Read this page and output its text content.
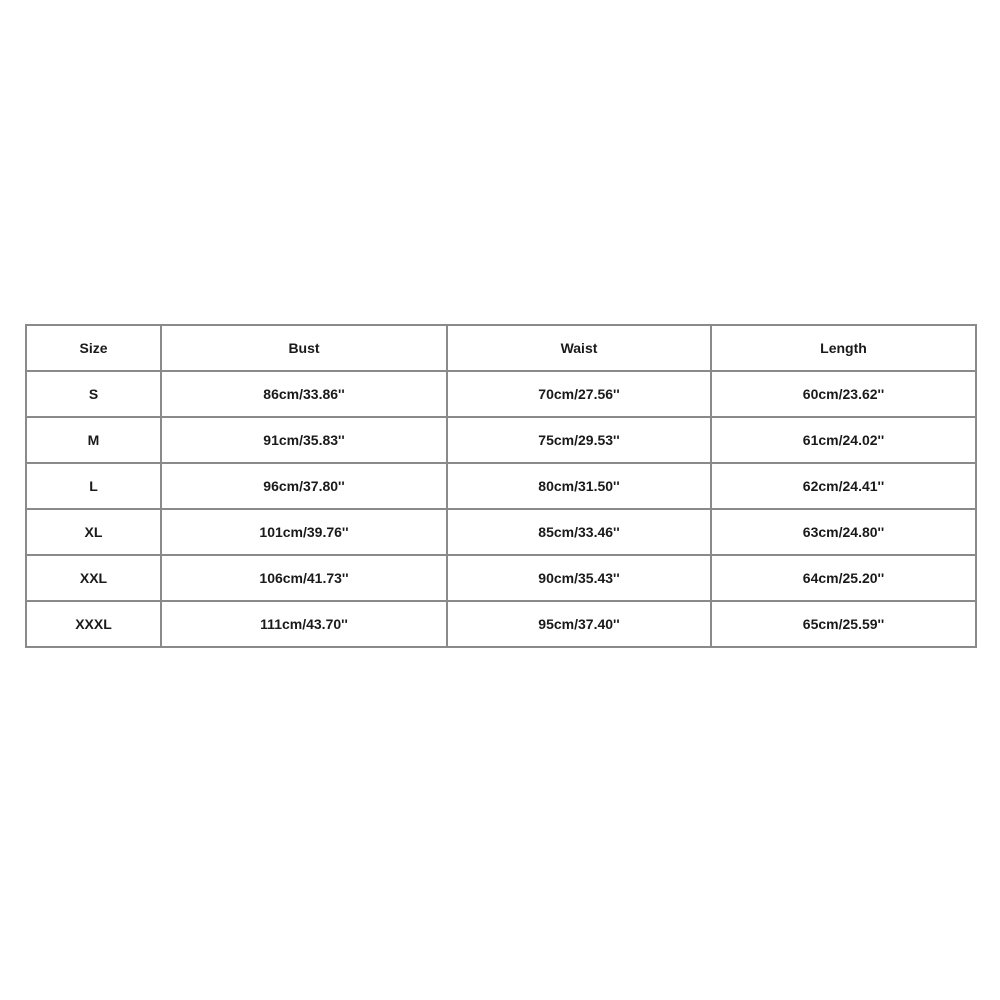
Size	Bust	Waist	Length
S	86cm/33.86''	70cm/27.56''	60cm/23.62''
M	91cm/35.83''	75cm/29.53''	61cm/24.02''
L	96cm/37.80''	80cm/31.50''	62cm/24.41''
XL	101cm/39.76''	85cm/33.46''	63cm/24.80''
XXL	106cm/41.73''	90cm/35.43''	64cm/25.20''
XXXL	111cm/43.70''	95cm/37.40''	65cm/25.59''
